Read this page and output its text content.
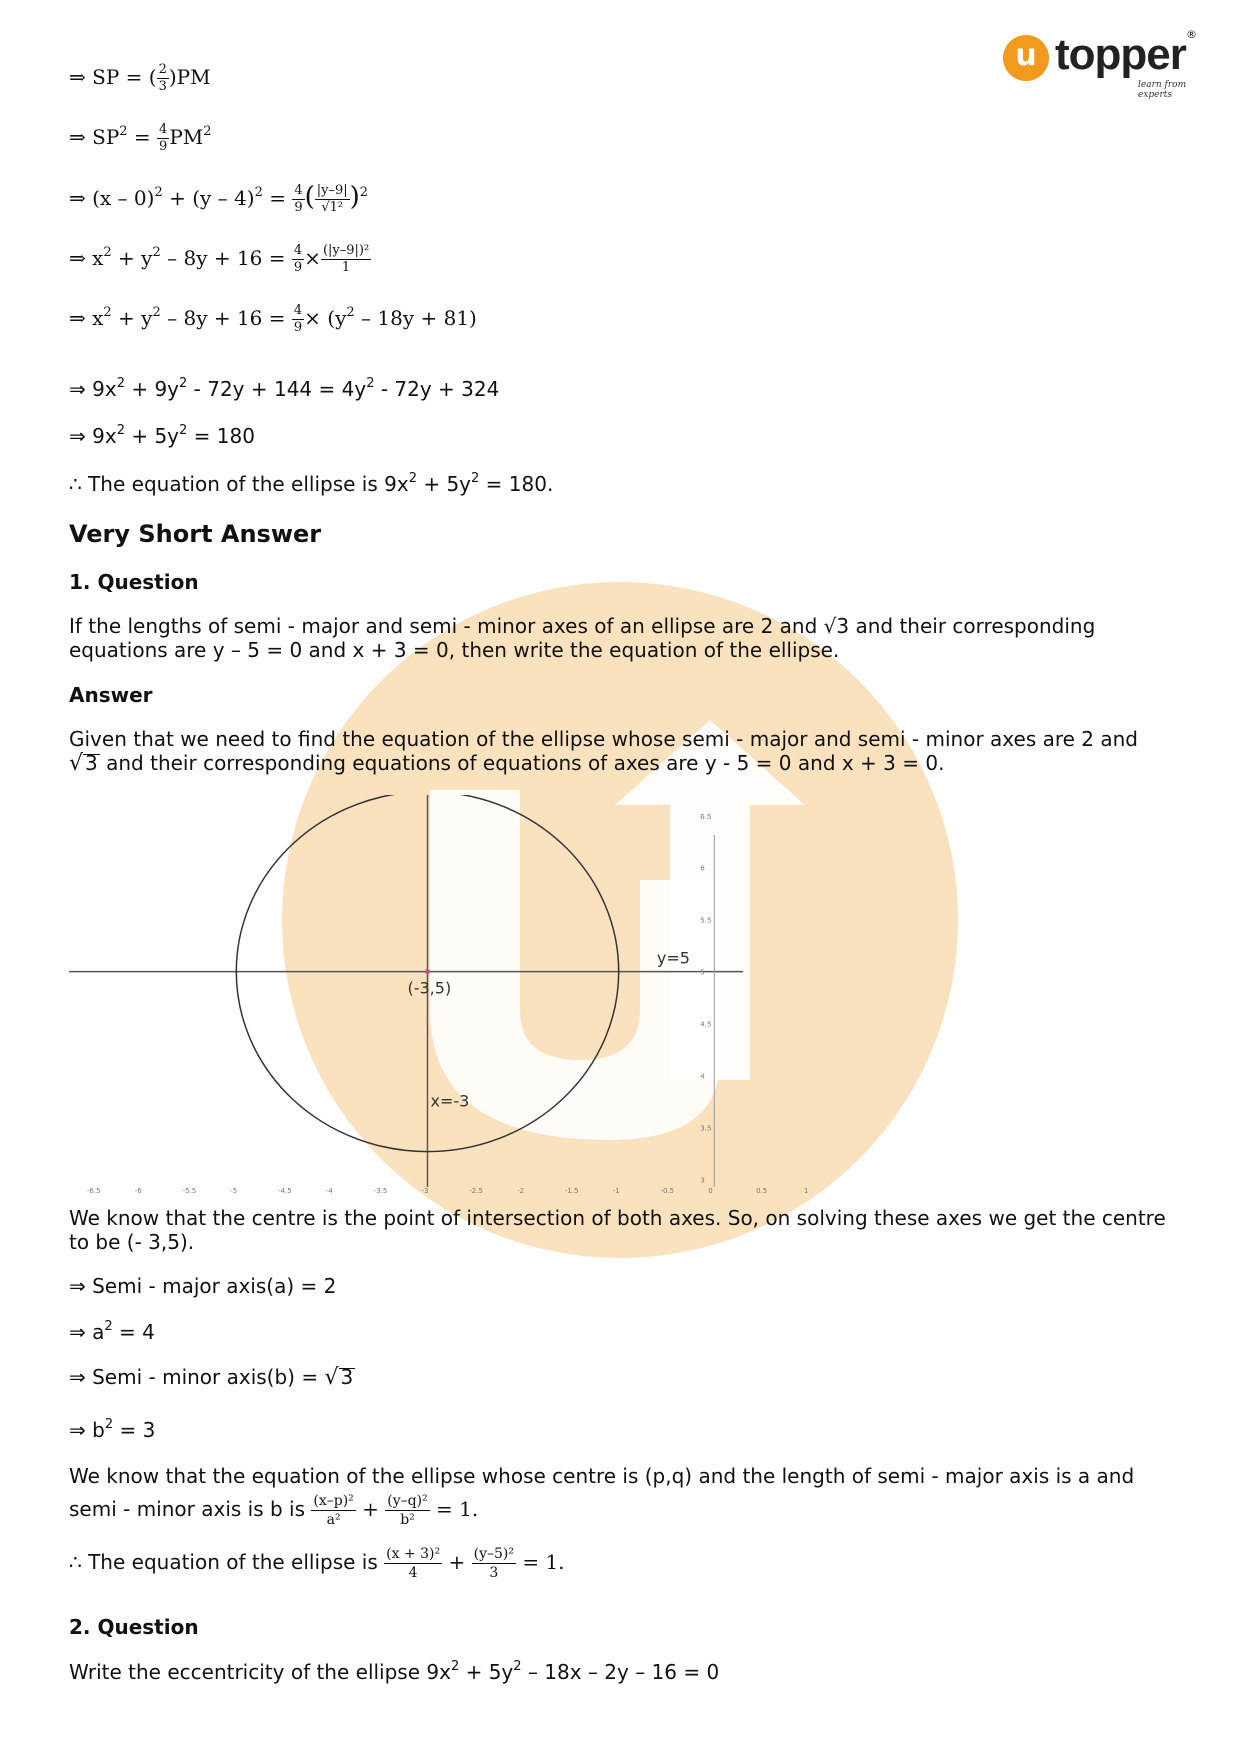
u topper ®
learn from experts
⇒ SP = ( $\frac{2}{3} )PM$
⇒ $SP^2 = \frac{4}{9} PM^2$
⇒ $(x - 0)^2 + (y - 4)^2 = \frac{4}{9}$ ( $\frac{|y-9|}{\text{√1²}} )^2$
⇒ $x^2 + y^2 - 8y + 16 = \frac{4}{9} \times \frac{\text{(|y–9|)²}}{1}$
⇒ $x^2 + y^2 - 8y + 16 = \frac{4}{9} \times (y^2 - 18y + 81)$
⇒ $9x^2 + 9y^2 - 72y + 144 = 4y^2 - 72y + 324$
⇒ $9x^2 + 5y^2 = 180$
∴ The equation of the ellipse is $9x^2 + 5y^2 = 180$.
Very Short Answer
1. Question
If the lengths of semi - major and semi - minor axes of an ellipse are 2 and √3 and their corresponding
equations are y – 5 = 0 and x + 3 = 0, then write the equation of the ellipse.
Answer
Given that we need to find the equation of the ellipse whose semi - major and semi - minor axes are 2 and
√ 3 and their corresponding equations of equations of axes are y - 5 = 0 and x + 3 = 0.
(-3,5)
y=5
x=-3
-6.5	-6	-5.5	-5	-4.5	-4	-3.5	-3	-2.5	-2	-1.5	-1	-0.5	0	0.5	1
6.5
6
5.5
5
4.5
4
3.5
3
We know that the centre is the point of intersection of both axes. So, on solving these axes we get the centre
to be (- 3,5).
⇒ Semi - major axis(a) = 2
⇒ $a^2 = 4$
⇒ Semi - minor axis(b) = √ 3
⇒ $b^2 = 3$
We know that the equation of the ellipse whose centre is (p,q) and the length of semi - major axis is a and
semi - minor axis is b is $\frac{\text{(x–p)²}}{\text{a²}} + \frac{\text{(y–q)²}}{\text{b²}} = 1$.
∴ The equation of the ellipse is $\frac{\text{(x + 3)²}}{4} + \frac{\text{(y–5)²}}{3} = 1$.
2. Question
Write the eccentricity of the ellipse $9x^2 + 5y^2 - 18x - 2y - 16 = 0$
